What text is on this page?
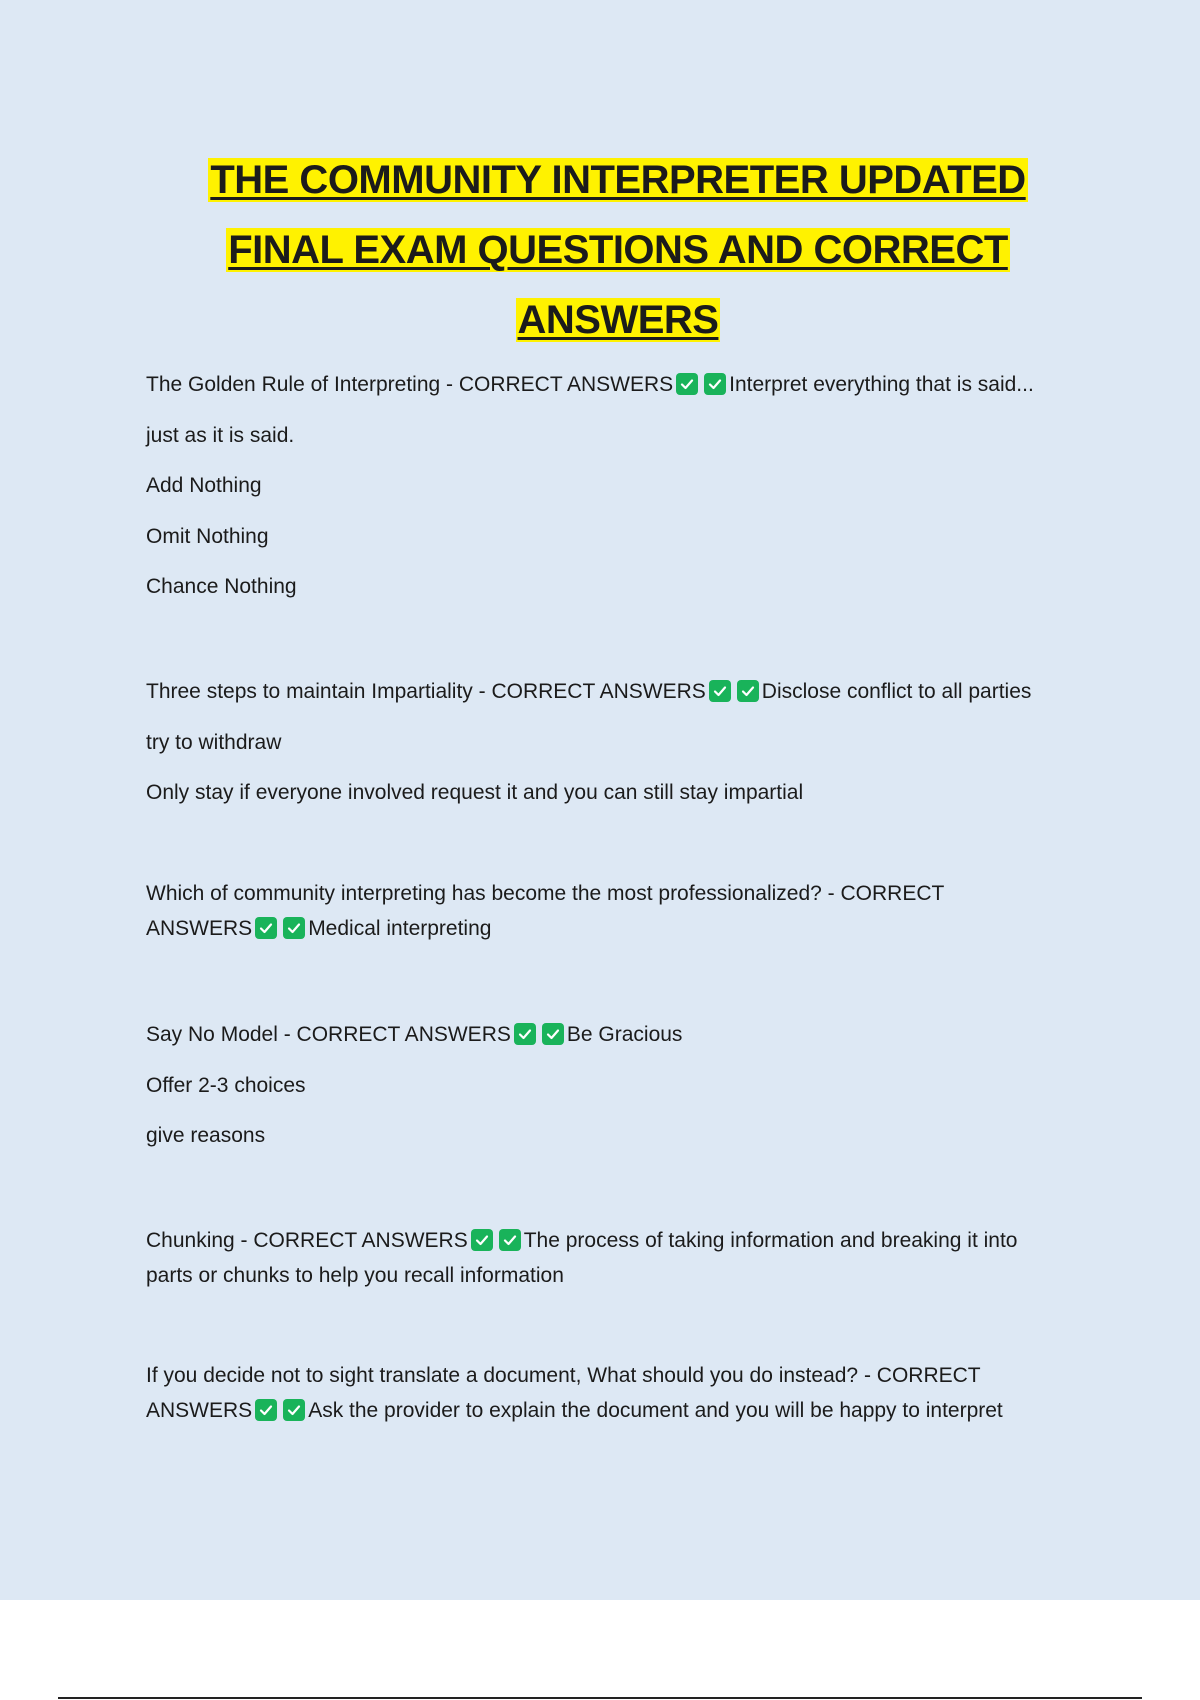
THE COMMUNITY INTERPRETER UPDATED
FINAL EXAM QUESTIONS AND CORRECT
ANSWERS
The Golden Rule of Interpreting - CORRECT ANSWERS	Interpret everything that is said...
just as it is said.
Add Nothing
Omit Nothing
Chance Nothing
Three steps to maintain Impartiality - CORRECT ANSWERS	Disclose conflict to all parties
try to withdraw
Only stay if everyone involved request it and you can still stay impartial
Which of community interpreting has become the most professionalized? - CORRECT
ANSWERS	Medical interpreting
Say No Model - CORRECT ANSWERS	Be Gracious
Offer 2-3 choices
give reasons
Chunking - CORRECT ANSWERS	The process of taking information and breaking it into
parts or chunks to help you recall information
If you decide not to sight translate a document, What should you do instead? - CORRECT
ANSWERS	Ask the provider to explain the document and you will be happy to interpret
